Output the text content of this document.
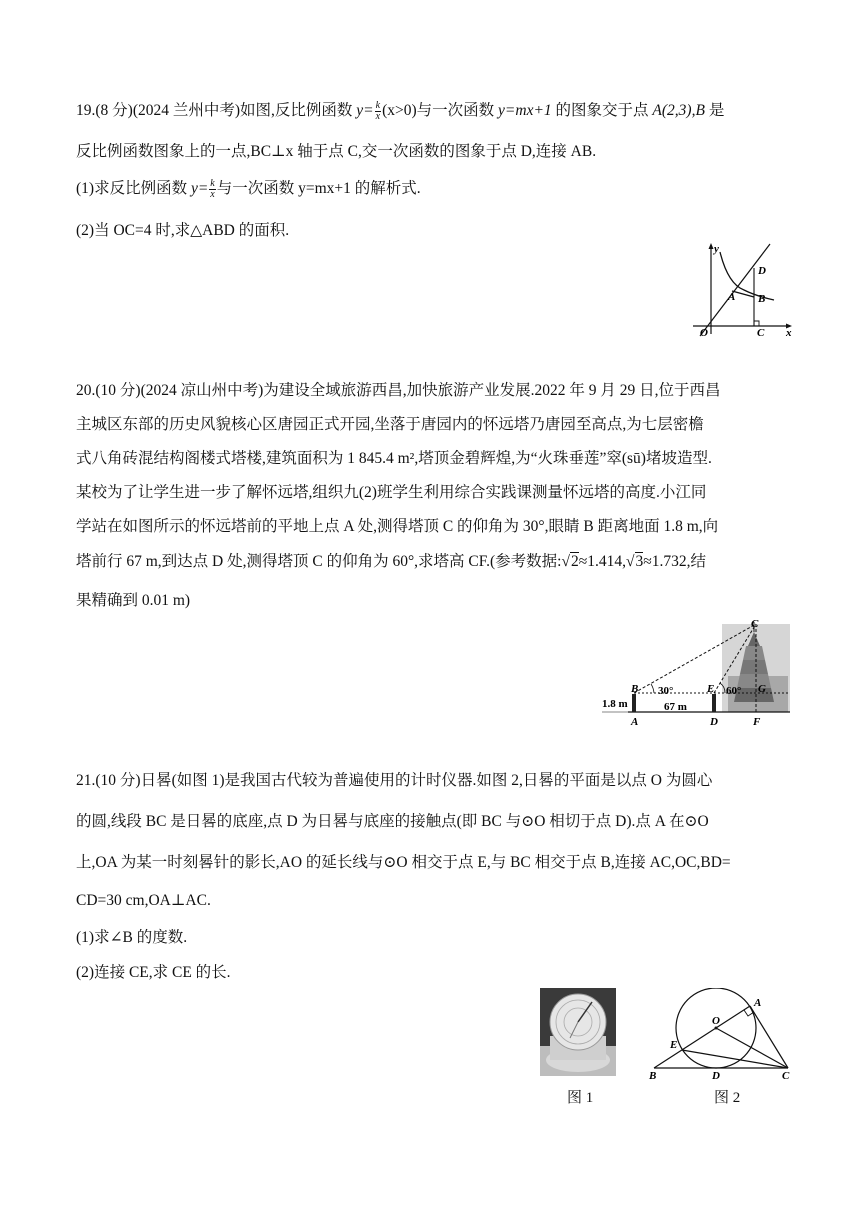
19.(8 分)(2024 兰州中考)如图,反比例函数 $y= \frac{k}{x} (x>0)$与一次函数 y=mx+1 的图象交于点 A(2,3),B 是
反比例函数图象上的一点,BC⊥x 轴于点 C,交一次函数的图象于点 D,连接 AB.
(1)求反比例函数 $y= \frac{k}{x}$ 与一次函数 y=mx+1 的解析式.
(2)当 OC=4 时,求△ABD 的面积.
y
x
O
A B
C
D
20.(10 分)(2024 凉山州中考)为建设全域旅游西昌,加快旅游产业发展.2022 年 9 月 29 日,位于西昌
主城区东部的历史风貌核心区唐园正式开园,坐落于唐园内的怀远塔乃唐园至高点,为七层密檐
式八角砖混结构阁楼式塔楼,建筑面积为 1 845.4 m²,塔顶金碧辉煌,为“火珠垂莲”窣(sū)堵坡造型.
某校为了让学生进一步了解怀远塔,组织九(2)班学生利用综合实践课测量怀远塔的高度.小江同
学站在如图所示的怀远塔前的平地上点 A 处,测得塔顶 C 的仰角为 30°,眼睛 B 距离地面 1.8 m,向
塔前行 67 m,到达点 D 处,测得塔顶 C 的仰角为 60°,求塔高 CF.(参考数据:√2≈1.414,√3≈1.732,结
果精确到 0.01 m)
C
B	E	G
A	D	F
30°	60°
1.8 m	67 m
21.(10 分)日晷(如图 1)是我国古代较为普遍使用的计时仪器.如图 2,日晷的平面是以点 O 为圆心
的圆,线段 BC 是日晷的底座,点 D 为日晷与底座的接触点(即 BC 与⊙O 相切于点 D).点 A 在⊙O
上,OA 为某一时刻晷针的影长,AO 的延长线与⊙O 相交于点 E,与 BC 相交于点 B,连接 AC,OC,BD=
CD=30 cm,OA⊥AC.
(1)求∠B 的度数.
(2)连接 CE,求 CE 的长.
图 1
A
O
E
B	D	C
图 2
